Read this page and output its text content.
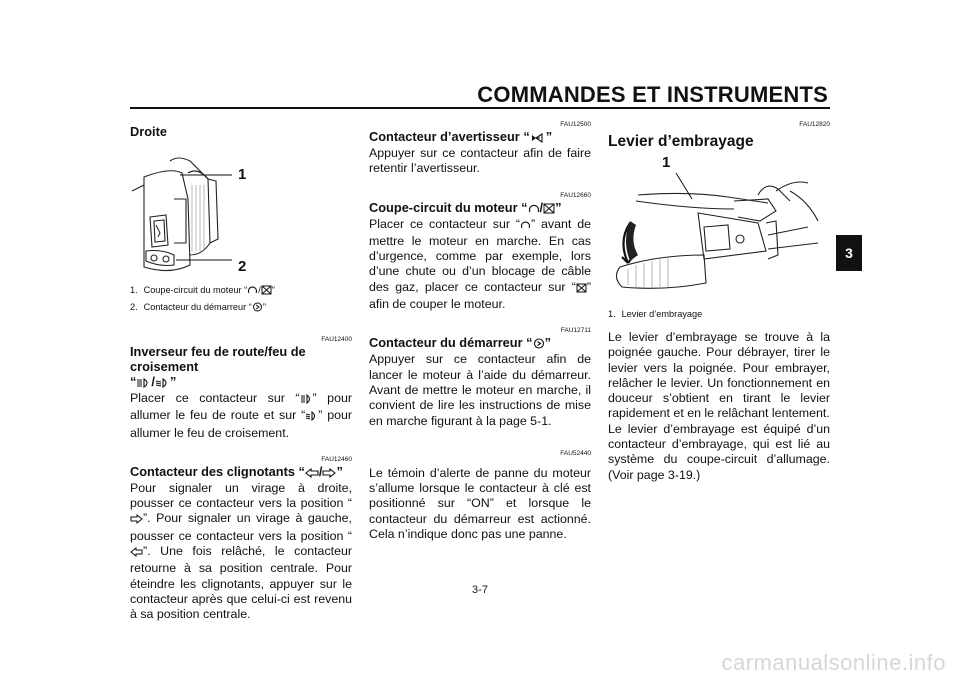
COMMANDES ET INSTRUMENTS
3
Droite
1
2
1. Coupe-circuit du moteur “ / ”
2. Contacteur du démarreur “ ”
FAU12400
Inverseur feu de route/feu de croisement
“ / ”

Placer ce contacteur sur “ ” pour allumer le feu de route et sur “ ” pour allumer le feu de croisement.

FAU12460
Contacteur des clignotants “ / ”

Pour signaler un virage à droite, pousser ce contacteur vers la position “”. Pour signaler un virage à gauche, pousser ce contacteur vers la position “”. Une fois relâché, le contacteur retourne à sa position centrale. Pour éteindre les clignotants, appuyer sur le contacteur après que celui-ci est revenu à sa position centrale.

FAU12500
Contacteur d’avertisseur “ ”

Appuyer sur ce contacteur afin de faire retentir l’avertisseur.

FAU12660
Coupe-circuit du moteur “ / ”

Placer ce contacteur sur “ ” avant de mettre le moteur en marche. En cas d’urgence, comme par exemple, lors d’une chute ou d’un blocage de câble des gaz, placer ce contacteur sur “ ” afin de couper le moteur.

FAU12711
Contacteur du démarreur “ ”

Appuyer sur ce contacteur afin de lancer le moteur à l’aide du démarreur. Avant de mettre le moteur en marche, il convient de lire les instructions de mise en marche figurant à la page 5-1.

FAU52440

Le témoin d’alerte de panne du moteur s’allume lorsque le contacteur à clé est positionné sur “ON” et lorsque le contacteur du démarreur est actionné. Cela n’indique donc pas une panne.

FAU12820
Levier d’embrayage
1
1. Levier d’embrayage

Le levier d’embrayage se trouve à la poignée gauche. Pour débrayer, tirer le levier vers la poignée. Pour embrayer, relâcher le levier. Un fonctionnement en douceur s’obtient en tirant le levier rapidement et en le relâchant lentement.
Le levier d’embrayage est équipé d’un contacteur d’embrayage, qui est lié au système du coupe-circuit d’allumage. (Voir page 3-19.)

3-7
carmanualsonline.info
